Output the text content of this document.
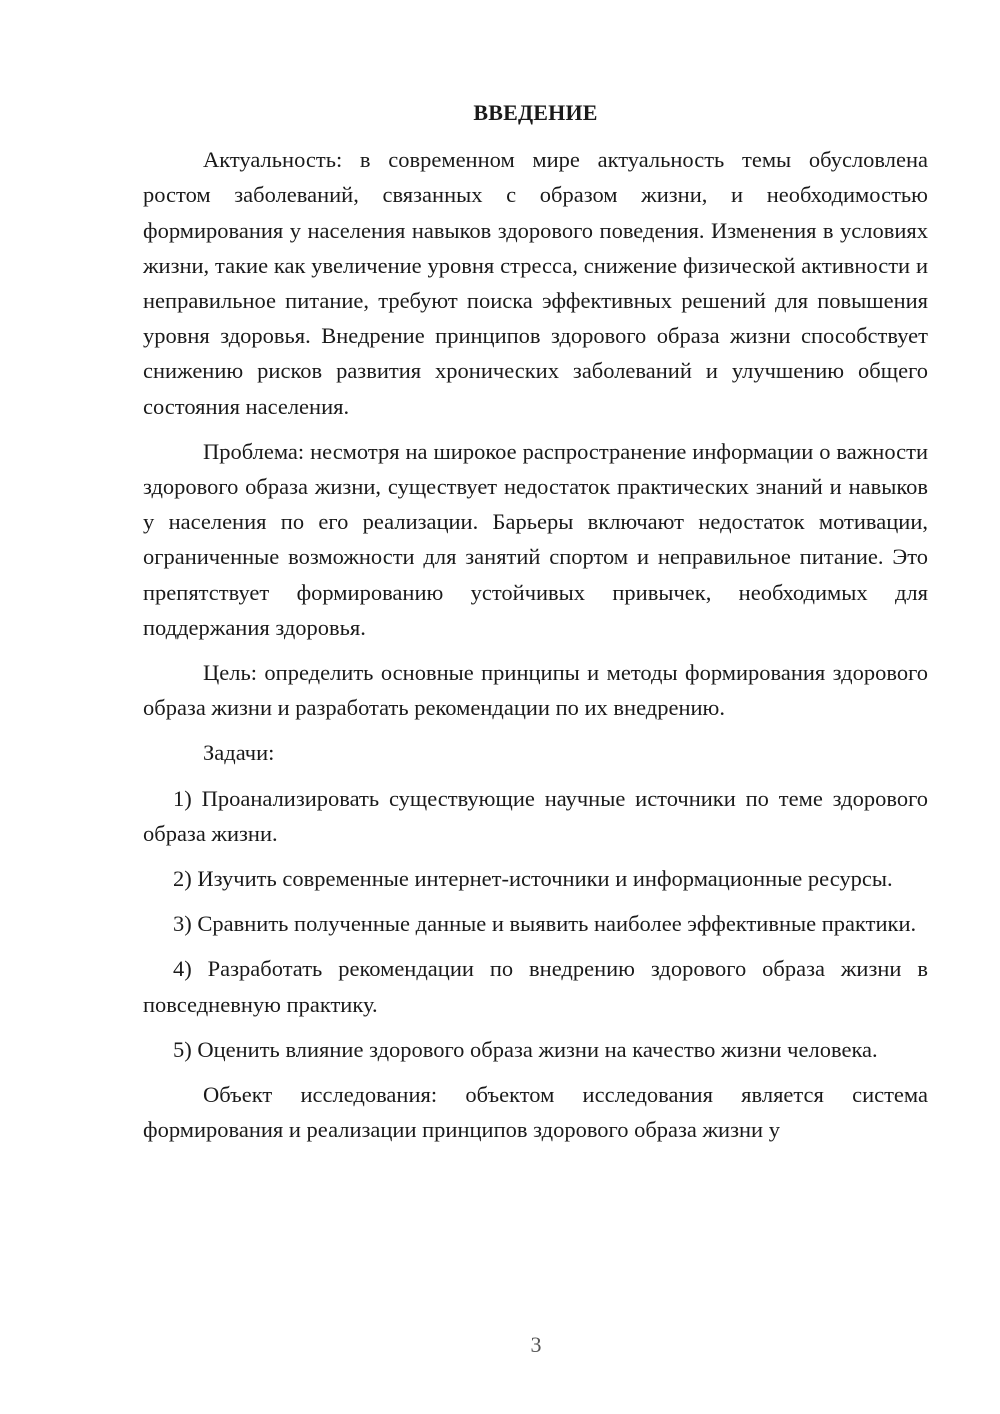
ВВЕДЕНИЕ

Актуальность: в современном мире актуальность темы обусловлена ростом заболеваний, связанных с образом жизни, и необходимостью формирования у населения навыков здорового поведения. Изменения в условиях жизни, такие как увеличение уровня стресса, снижение физической активности и неправильное питание, требуют поиска эффективных решений для повышения уровня здоровья. Внедрение принципов здорового образа жизни способствует снижению рисков развития хронических заболеваний и улучшению общего состояния населения.

Проблема: несмотря на широкое распространение информации о важности здорового образа жизни, существует недостаток практических знаний и навыков у населения по его реализации. Барьеры включают недостаток мотивации, ограниченные возможности для занятий спортом и неправильное питание. Это препятствует формированию устойчивых привычек, необходимых для поддержания здоровья.

Цель: определить основные принципы и методы формирования здорового образа жизни и разработать рекомендации по их внедрению.

Задачи:

1) Проанализировать существующие научные источники по теме здорового образа жизни.

2) Изучить современные интернет-источники и информационные ресурсы.

3) Сравнить полученные данные и выявить наиболее эффективные практики.

4) Разработать рекомендации по внедрению здорового образа жизни в повседневную практику.

5) Оценить влияние здорового образа жизни на качество жизни человека.

Объект исследования: объектом исследования является система формирования и реализации принципов здорового образа жизни у

3
